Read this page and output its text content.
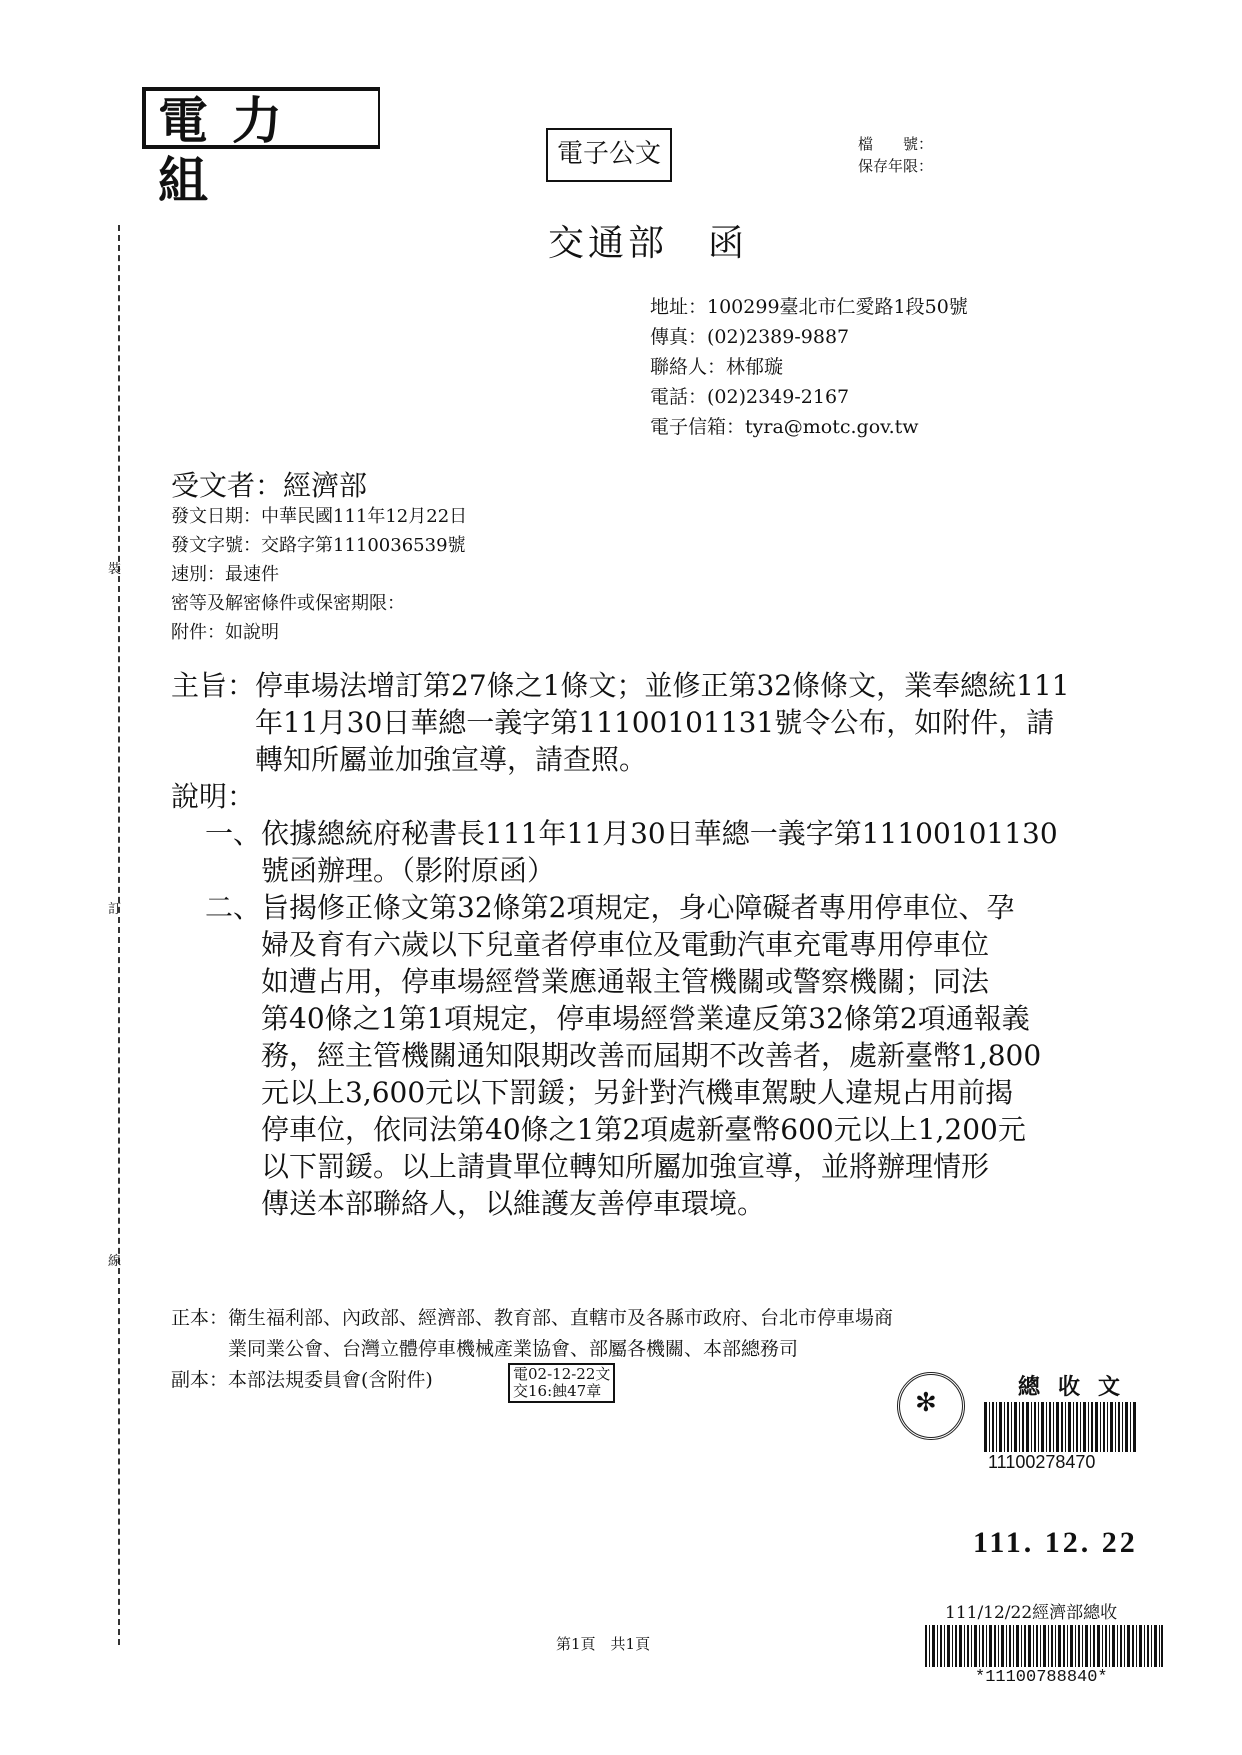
裝
訂
線
電力組	電子公文	檔　　號：
保存年限：
交通部　函
地址：100299臺北市仁愛路1段50號
傳真：(02)2389-9887
聯絡人：林郁璇
電話：(02)2349-2167
電子信箱：tyra@motc.gov.tw
受文者：經濟部
發文日期：中華民國111年12月22日
發文字號：交路字第1110036539號
速別：最速件
密等及解密條件或保密期限：
附件：如說明
主旨： 停車場法增訂第27條之1條文；並修正第32條條文，業奉總統111
年11月30日華總一義字第11100101131號令公布，如附件，請
轉知所屬並加強宣導，請查照。
說明：
一、 依據總統府秘書長111年11月30日華總一義字第11100101130
號函辦理。（影附原函）
二、 旨揭修正條文第32條第2項規定，身心障礙者專用停車位、孕
婦及育有六歲以下兒童者停車位及電動汽車充電專用停車位
如遭占用，停車場經營業應通報主管機關或警察機關；同法
第40條之1第1項規定，停車場經營業違反第32條第2項通報義
務，經主管機關通知限期改善而屆期不改善者，處新臺幣1,800
元以上3,600元以下罰鍰；另針對汽機車駕駛人違規占用前揭
停車位，依同法第40條之1第2項處新臺幣600元以上1,200元
以下罰鍰。以上請貴單位轉知所屬加強宣導，並將辦理情形
傳送本部聯絡人，以維護友善停車環境。
正本：衛生福利部、內政部、經濟部、教育部、直轄市及各縣市政府、台北市停車場商
業同業公會、台灣立體停車機械產業協會、部屬各機關、本部總務司
副本：本部法規委員會(含附件)	電02-12-22文
交16:蝕47章	✻
總收文
11100278470
111. 12. 22
111/12/22經濟部總收
*11100788840*
第1頁　共1頁
